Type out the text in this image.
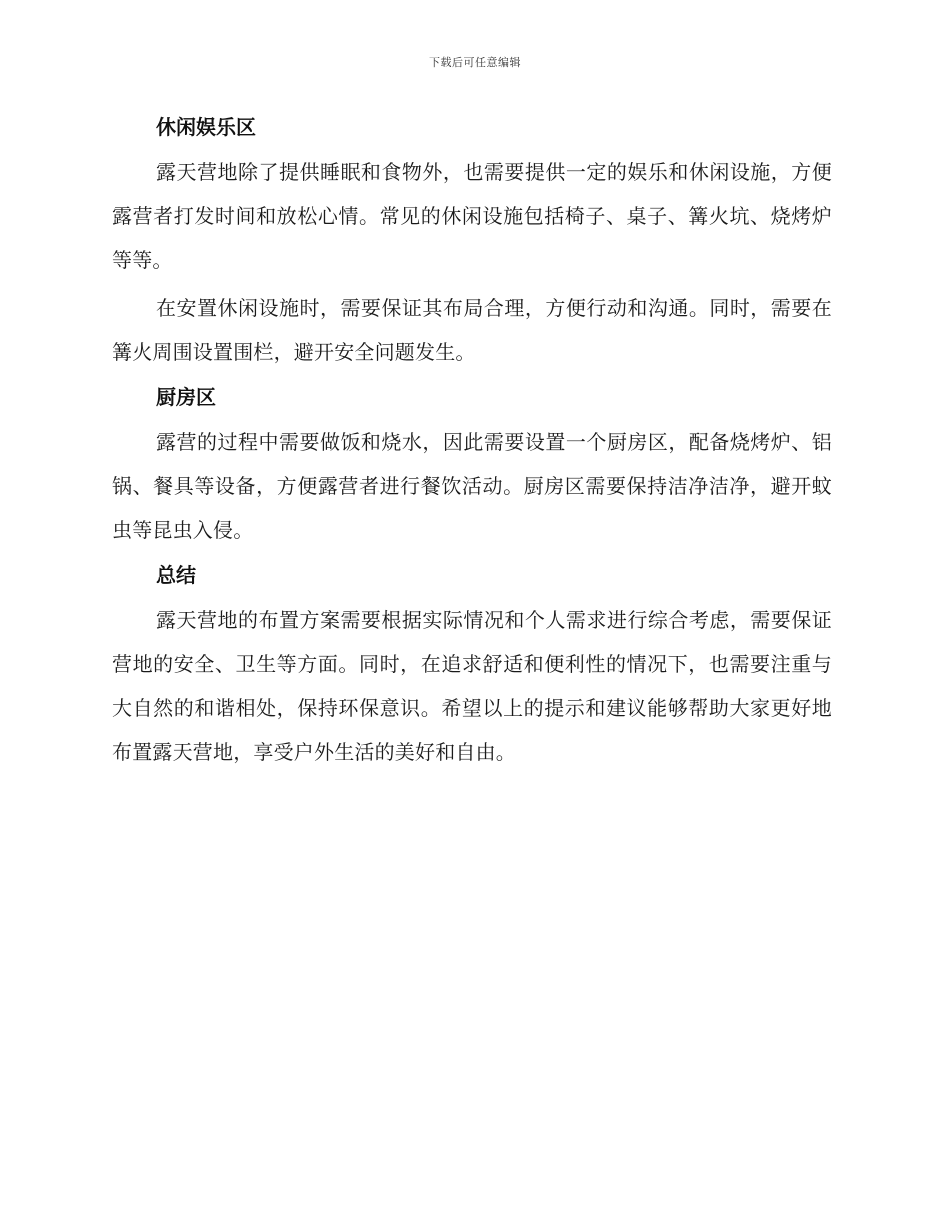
下载后可任意编辑
休闲娱乐区

露天营地除了提供睡眠和食物外，也需要提供一定的娱乐和休闲设施，方便露营者打发时间和放松心情。常见的休闲设施包括椅子、桌子、篝火坑、烧烤炉等等。

在安置休闲设施时，需要保证其布局合理，方便行动和沟通。同时，需要在篝火周围设置围栏，避开安全问题发生。

厨房区

露营的过程中需要做饭和烧水，因此需要设置一个厨房区，配备烧烤炉、铝锅、餐具等设备，方便露营者进行餐饮活动。厨房区需要保持洁净洁净，避开蚊虫等昆虫入侵。

总结

露天营地的布置方案需要根据实际情况和个人需求进行综合考虑，需要保证营地的安全、卫生等方面。同时，在追求舒适和便利性的情况下，也需要注重与大自然的和谐相处，保持环保意识。希望以上的提示和建议能够帮助大家更好地布置露天营地，享受户外生活的美好和自由。
